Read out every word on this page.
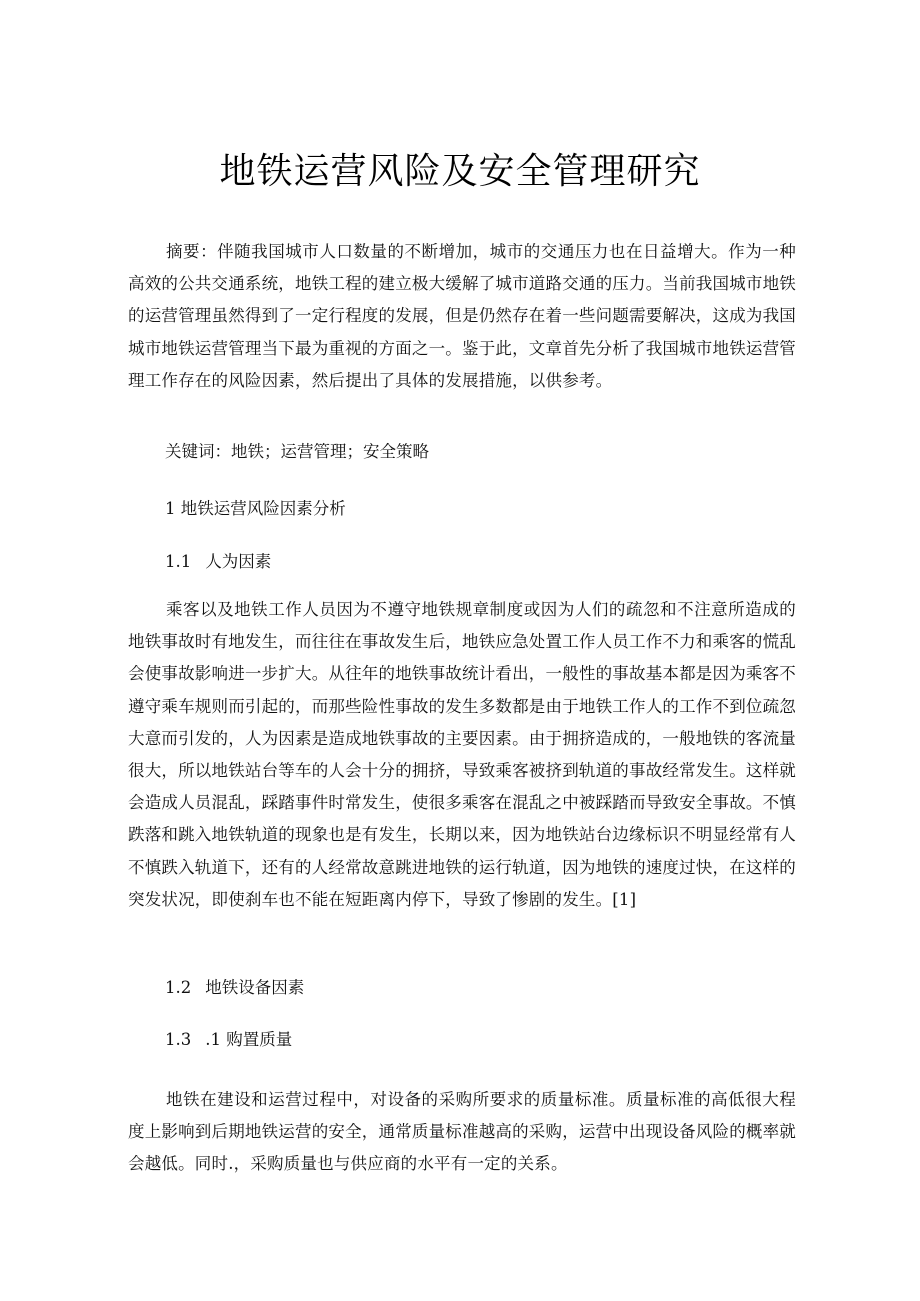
地铁运营风险及安全管理研究

摘要：伴随我国城市人口数量的不断增加，城市的交通压力也在日益增大。作为一种高效的公共交通系统，地铁工程的建立极大缓解了城市道路交通的压力。当前我国城市地铁的运营管理虽然得到了一定行程度的发展，但是仍然存在着一些问题需要解决，这成为我国城市地铁运营管理当下最为重视的方面之一。鉴于此，文章首先分析了我国城市地铁运营管理工作存在的风险因素，然后提出了具体的发展措施，以供参考。

关键词：地铁；运营管理；安全策略

1 地铁运营风险因素分析
1.1 人为因素

乘客以及地铁工作人员因为不遵守地铁规章制度或因为人们的疏忽和不注意所造成的地铁事故时有地发生，而往往在事故发生后，地铁应急处置工作人员工作不力和乘客的慌乱会使事故影响进一步扩大。从往年的地铁事故统计看出，一般性的事故基本都是因为乘客不遵守乘车规则而引起的，而那些险性事故的发生多数都是由于地铁工作人的工作不到位疏忽大意而引发的，人为因素是造成地铁事故的主要因素。由于拥挤造成的，一般地铁的客流量很大，所以地铁站台等车的人会十分的拥挤，导致乘客被挤到轨道的事故经常发生。这样就会造成人员混乱，踩踏事件时常发生，使很多乘客在混乱之中被踩踏而导致安全事故。不慎跌落和跳入地铁轨道的现象也是有发生，长期以来，因为地铁站台边缘标识不明显经常有人不慎跌入轨道下，还有的人经常故意跳进地铁的运行轨道，因为地铁的速度过快，在这样的突发状况，即使刹车也不能在短距离内停下，导致了惨剧的发生。[1]

1.2 地铁设备因素
1.3 .1 购置质量

地铁在建设和运营过程中，对设备的采购所要求的质量标准。质量标准的高低很大程度上影响到后期地铁运营的安全，通常质量标准越高的采购，运营中出现设备风险的概率就会越低。同时.，采购质量也与供应商的水平有一定的关系。
